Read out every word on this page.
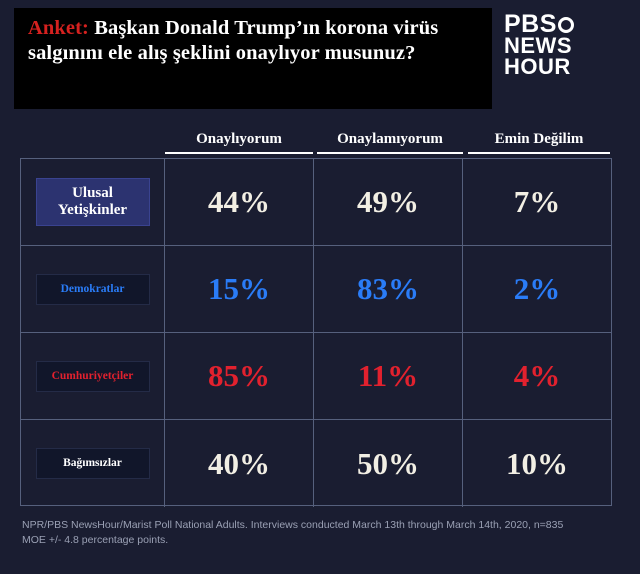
Anket: Başkan Donald Trump’ın korona virüs salgınını ele alış şeklini onaylıyor musunuz?
PBS
NEWS
HOUR
Onaylıyorum	Onaylamıyorum	Emin Değilim
Ulusal Yetişkinler	44%	49%	7%
Demokratlar	15%	83%	2%
Cumhuriyetçiler	85%	11%	4%
Bağımsızlar	40%	50%	10%
NPR/PBS NewsHour/Marist Poll National Adults. Interviews conducted March 13th through March 14th, 2020, n=835 MOE +/- 4.8 percentage points.
